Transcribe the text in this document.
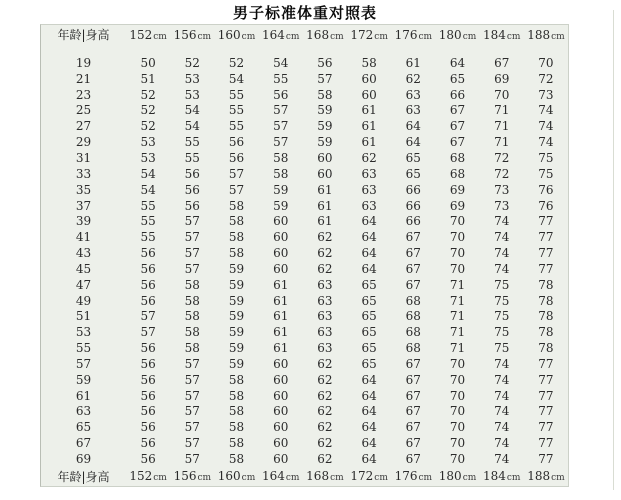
男子标准体重对照表
年龄|身高	152cm 156cm 160cm 164cm 168cm 172cm 176cm 180cm 184cm 188cm
19	50	52	52	54	56	58	61	64	67	70
21	51	53	54	55	57	60	62	65	69	72
23	52	53	55	56	58	60	63	66	70	73
25	52	54	55	57	59	61	63	67	71	74
27	52	54	55	57	59	61	64	67	71	74
29	53	55	56	57	59	61	64	67	71	74
31	53	55	56	58	60	62	65	68	72	75
33	54	56	57	58	60	63	65	68	72	75
35	54	56	57	59	61	63	66	69	73	76
37	55	56	58	59	61	63	66	69	73	76
39	55	57	58	60	61	64	66	70	74	77
41	55	57	58	60	62	64	67	70	74	77
43	56	57	58	60	62	64	67	70	74	77
45	56	57	59	60	62	64	67	70	74	77
47	56	58	59	61	63	65	67	71	75	78
49	56	58	59	61	63	65	68	71	75	78
51	57	58	59	61	63	65	68	71	75	78
53	57	58	59	61	63	65	68	71	75	78
55	56	58	59	61	63	65	68	71	75	78
57	56	57	59	60	62	65	67	70	74	77
59	56	57	58	60	62	64	67	70	74	77
61	56	57	58	60	62	64	67	70	74	77
63	56	57	58	60	62	64	67	70	74	77
65	56	57	58	60	62	64	67	70	74	77
67	56	57	58	60	62	64	67	70	74	77
69	56	57	58	60	62	64	67	70	74	77
年龄|身高	152cm 156cm 160cm 164cm 168cm 172cm 176cm 180cm 184cm 188cm
